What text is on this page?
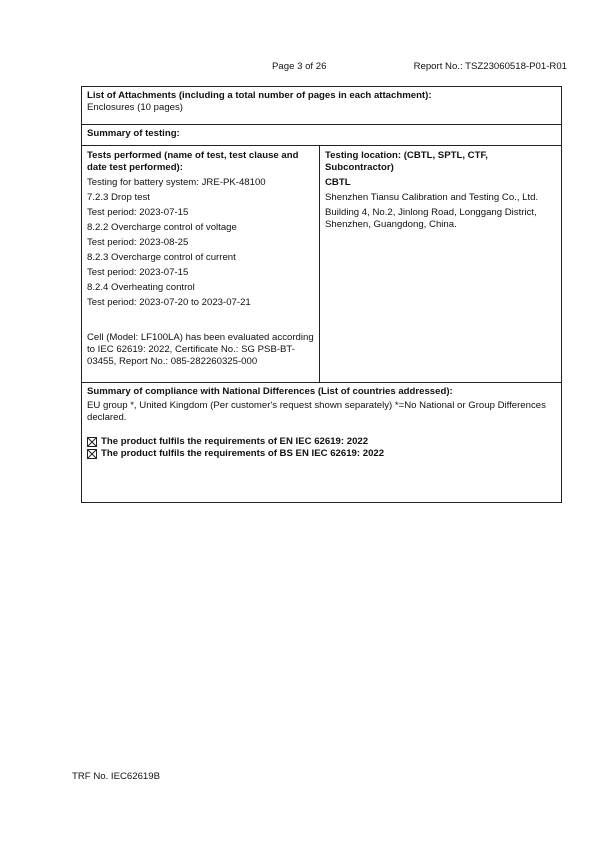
Page 3 of 26	Report No.: TSZ23060518-P01-R01
List of Attachments (including a total number of pages in each attachment):
Enclosures (10 pages)
Summary of testing:
Tests performed (name of test, test clause and date test performed):
Testing for battery system: JRE-PK-48100
7.2.3 Drop test
Test period: 2023-07-15
8.2.2 Overcharge control of voltage
Test period: 2023-08-25
8.2.3 Overcharge control of current
Test period: 2023-07-15
8.2.4 Overheating control
Test period: 2023-07-20 to 2023-07-21
Cell (Model: LF100LA) has been evaluated according to IEC 62619: 2022, Certificate No.: SG PSB-BT-03455, Report No.: 085-282260325-000
Testing location: (CBTL, SPTL, CTF, Subcontractor)
CBTL
Shenzhen Tiansu Calibration and Testing Co., Ltd.
Building 4, No.2, Jinlong Road, Longgang District, Shenzhen, Guangdong, China.
Summary of compliance with National Differences (List of countries addressed):
EU group *, United Kingdom (Per customer's request shown separately) *=No National or Group Differences declared.
The product fulfils the requirements of EN IEC 62619: 2022
The product fulfils the requirements of BS EN IEC 62619: 2022
TRF No. IEC62619B
